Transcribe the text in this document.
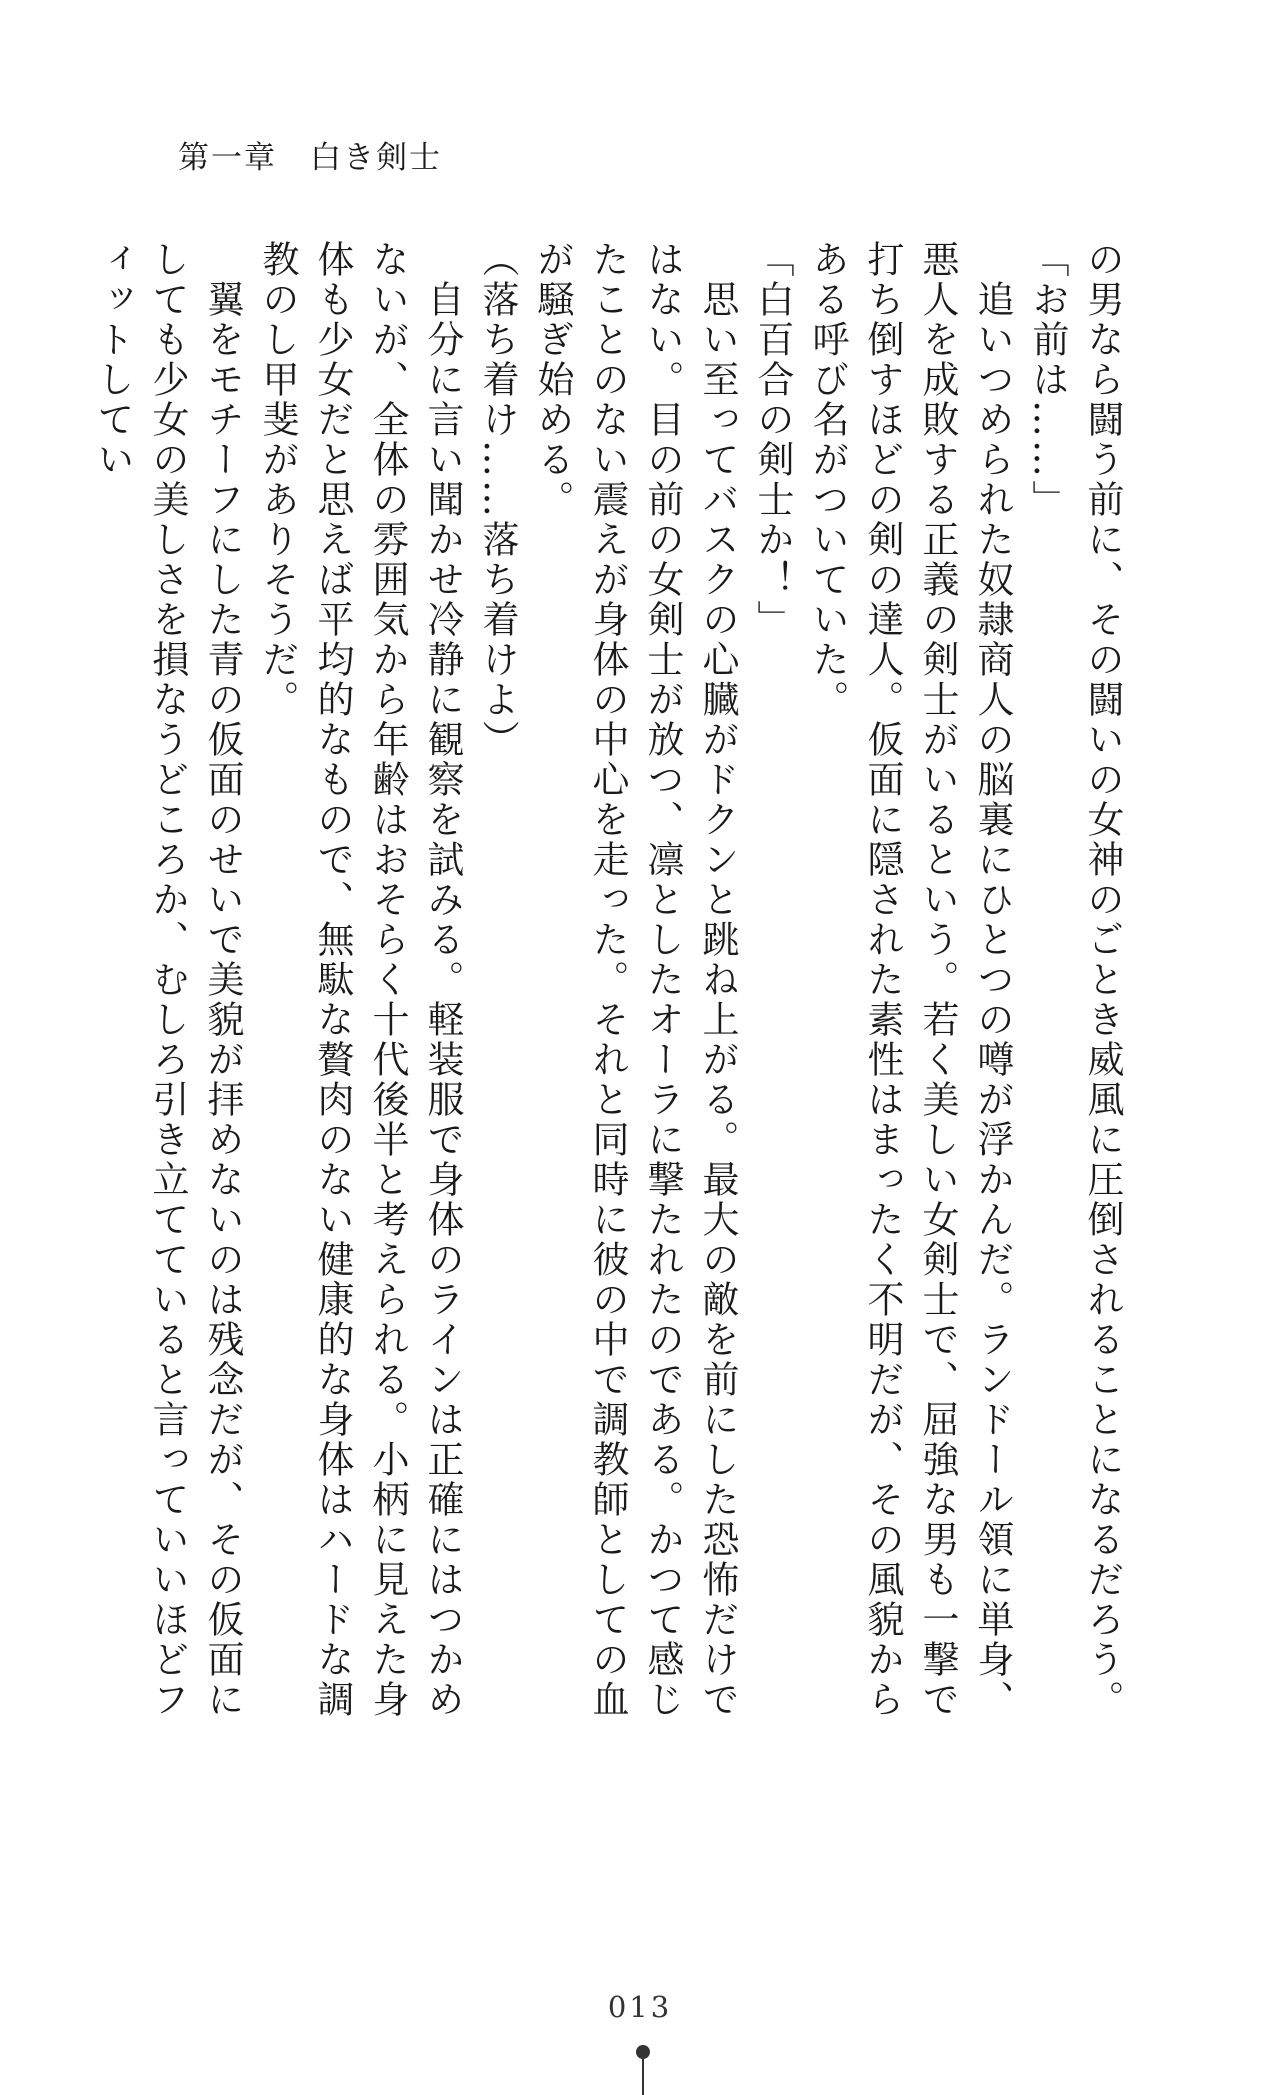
第一章　白き剣士

の男なら闘う前に、その闘いの女神のごとき威風に圧倒されることになるだろう。

「お前は……」

　追いつめられた奴隷商人の脳裏にひとつの噂が浮かんだ。ランドール領に単身、悪人を成敗する正義の剣士がいるという。若く美しい女剣士で、屈強な男も一撃で打ち倒すほどの剣の達人。仮面に隠された素性はまったく不明だが、その風貌からある呼び名がついていた。

「白百合の剣士か！」

　思い至ってバスクの心臓がドクンと跳ね上がる。最大の敵を前にした恐怖だけではない。目の前の女剣士が放つ、凛としたオーラに撃たれたのである。かつて感じたことのない震えが身体の中心を走った。それと同時に彼の中で調教師としての血が騒ぎ始める。

（落ち着け……落ち着けよ）

　自分に言い聞かせ冷静に観察を試みる。軽装服で身体のラインは正確にはつかめないが、全体の雰囲気から年齢はおそらく十代後半と考えられる。小柄に見えた身体も少女だと思えば平均的なもので、無駄な贅肉のない健康的な身体はハードな調教のし甲斐がありそうだ。

　翼をモチーフにした青の仮面のせいで美貌が拝めないのは残念だが、その仮面にしても少女の美しさを損なうどころか、むしろ引き立てていると言っていいほどフィットしてい

013
